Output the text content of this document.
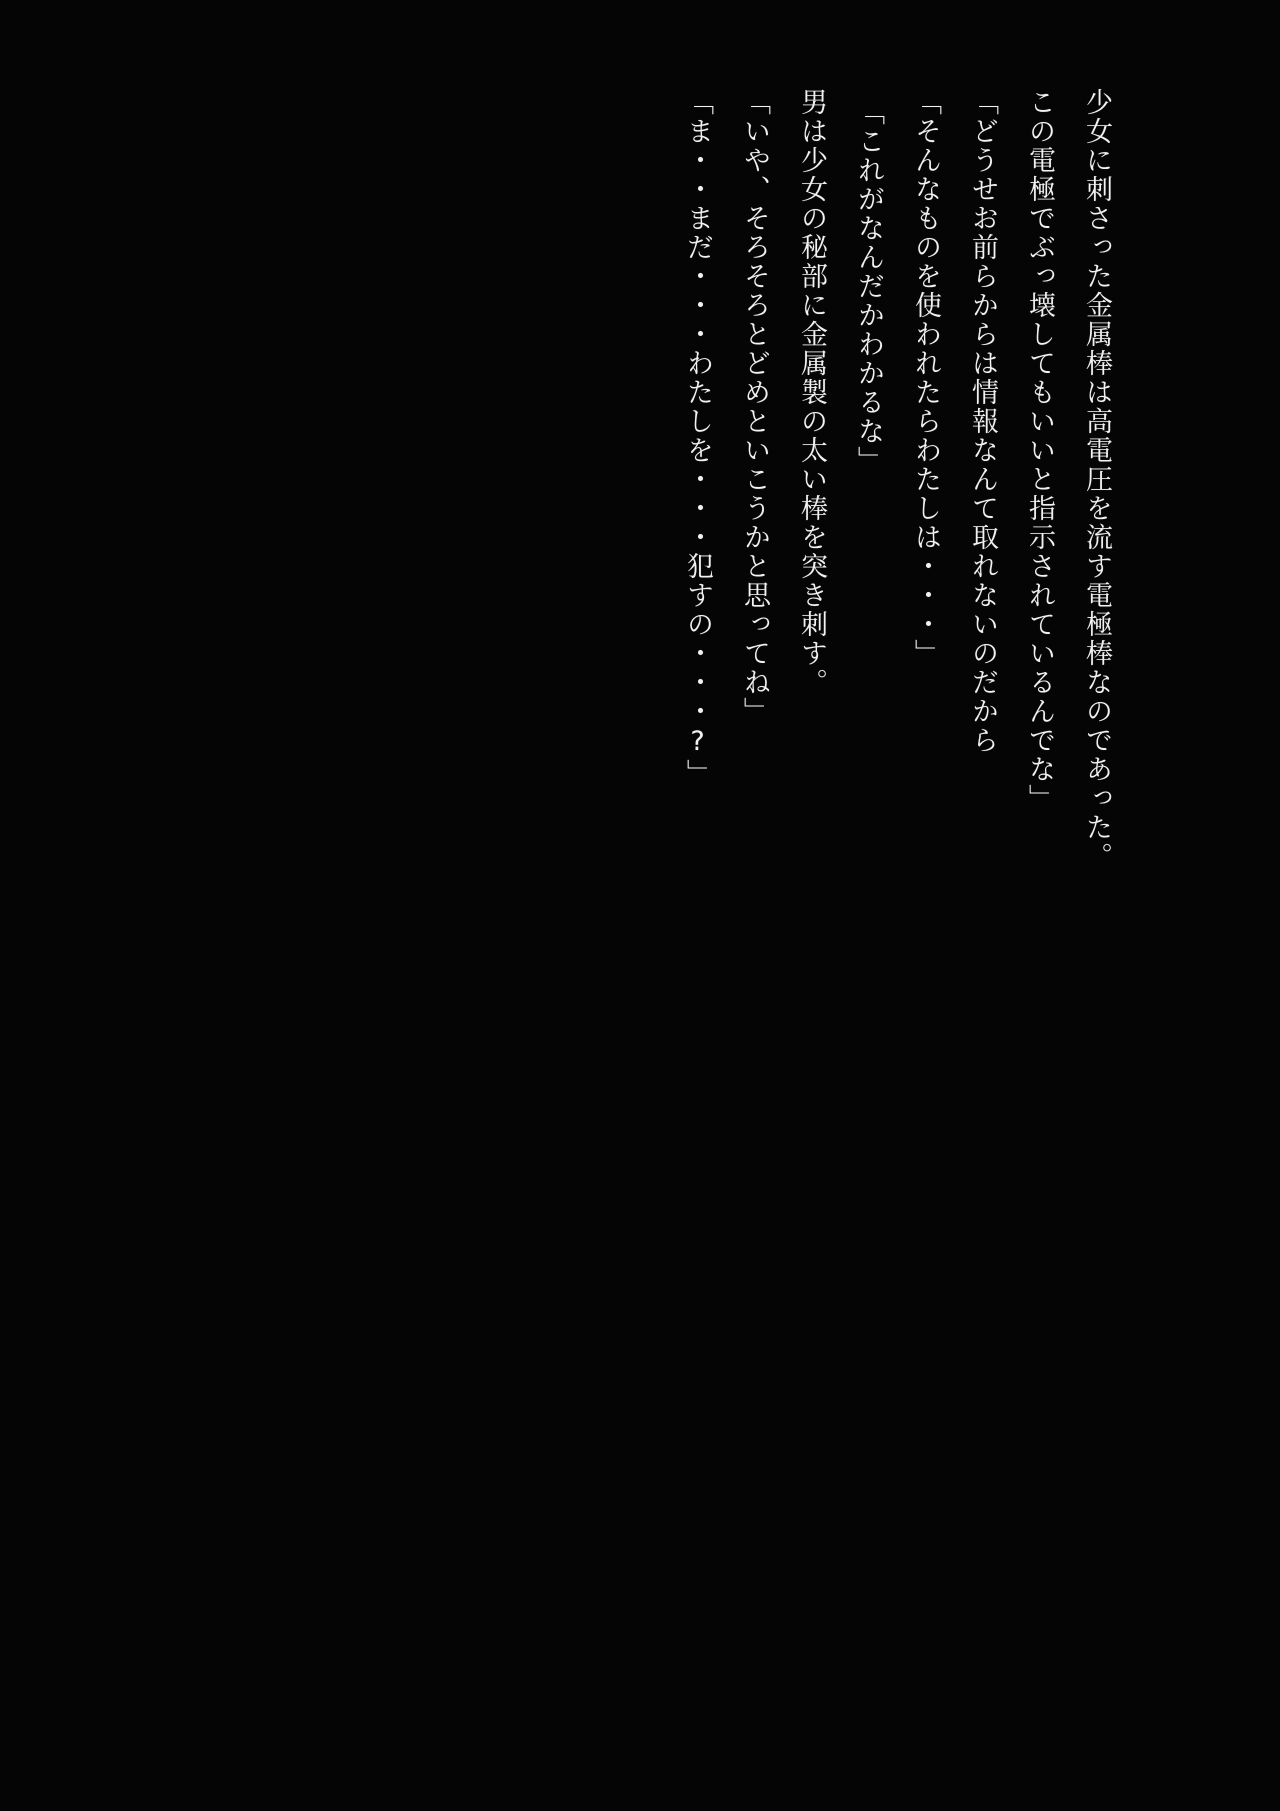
「ま・・まだ・・・わたしを・・・犯すの・・・?」 「いや、そろそろとどめといこうかと思ってね」 男は少女の秘部に金属製の太い棒を突き刺す。 「これがなんだかわかるな」 「そんなものを使われたらわたしは・・・」 「どうせお前らからは情報なんて取れないのだから この電極でぶっ壊してもいいと指示されているんでな」 少女に刺さった金属棒は高電圧を流す電極棒なのであった。
